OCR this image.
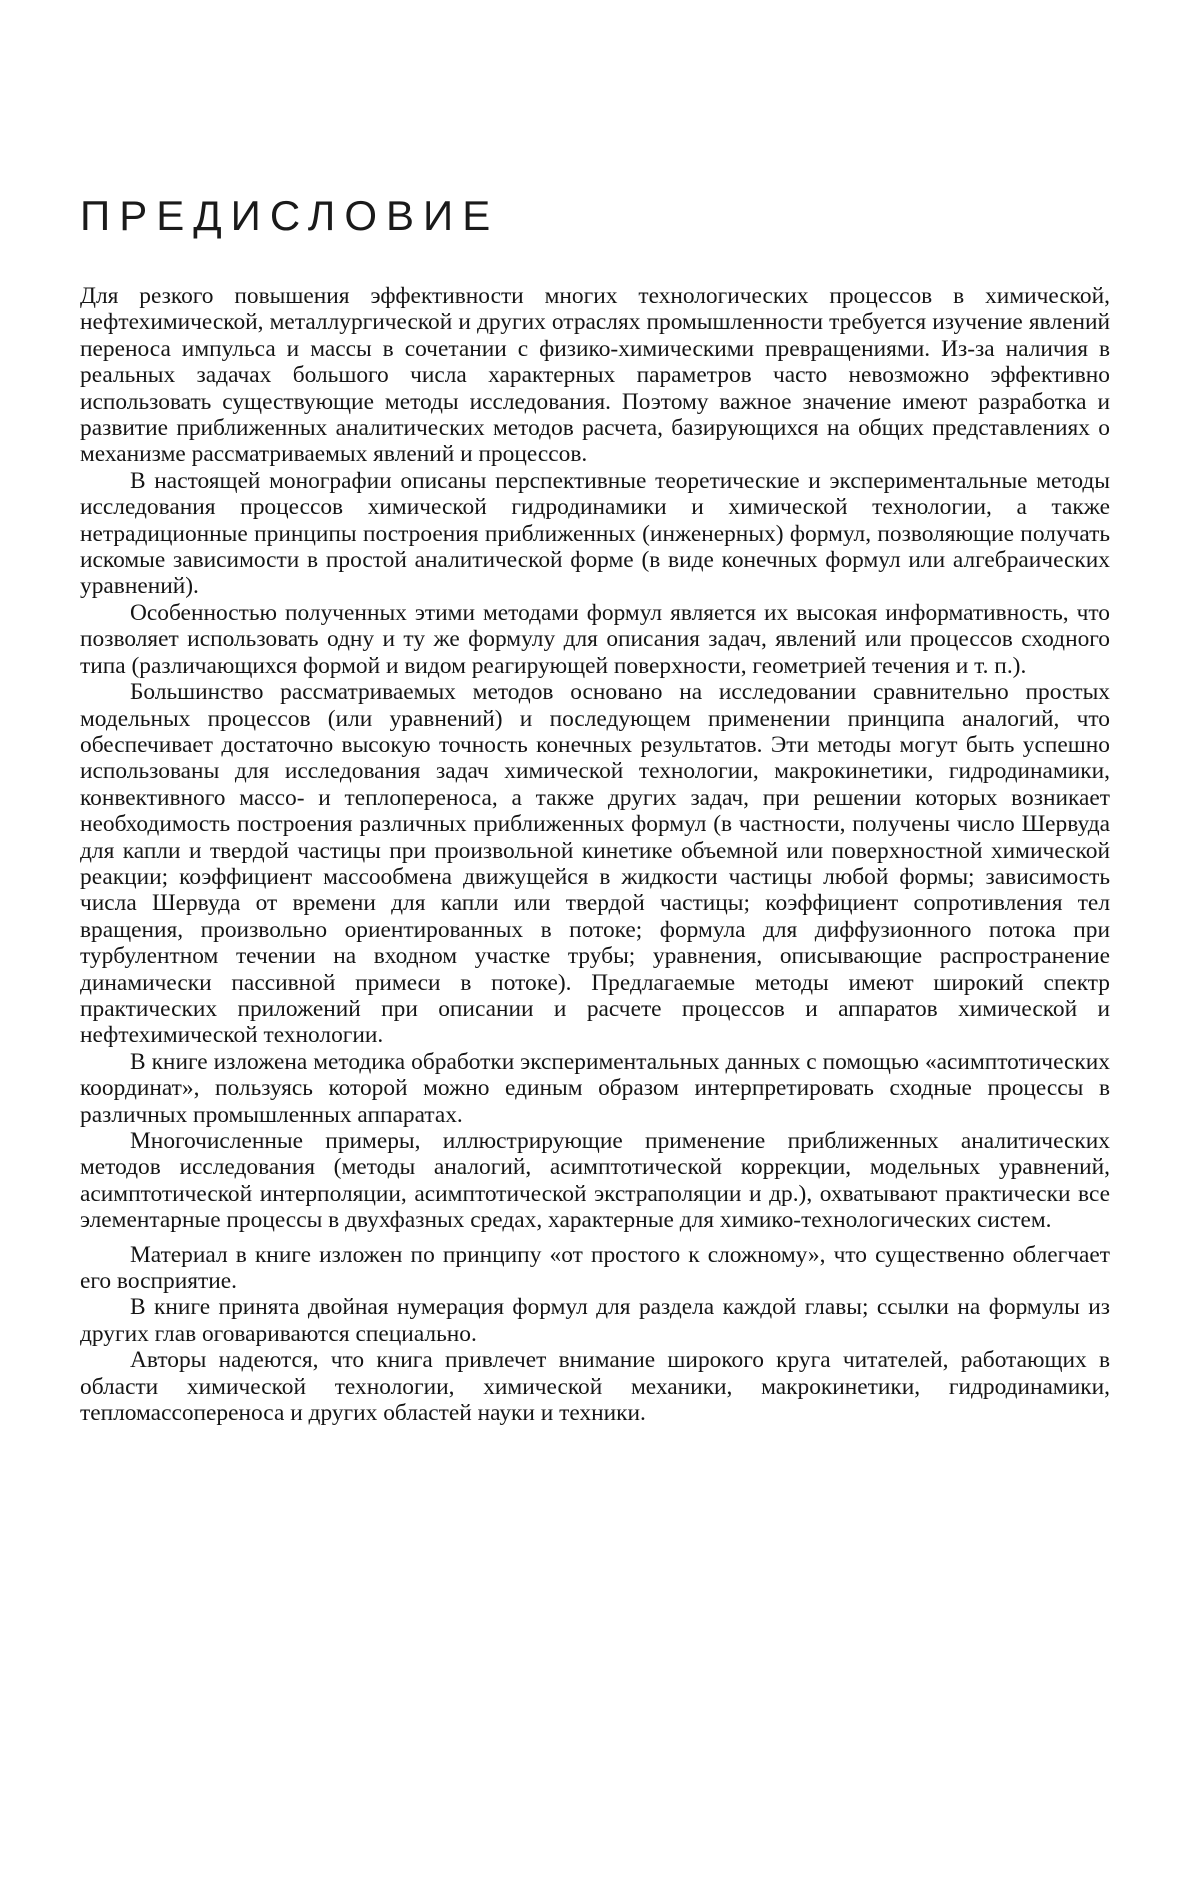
ПРЕДИСЛОВИЕ

Для резкого повышения эффективности многих технологических процессов в химической, нефтехимической, металлургической и других отраслях промышленности требуется изучение явлений переноса импульса и массы в сочетании с физико-химическими превращениями. Из-за наличия в реальных задачах большого числа характерных параметров часто невозможно эффективно использовать существующие методы исследования. Поэтому важное значение имеют разработка и развитие приближенных аналитических методов расчета, базирующихся на общих представлениях о механизме рассматриваемых явлений и процессов.

В настоящей монографии описаны перспективные теоретические и экспериментальные методы исследования процессов химической гидродинамики и химической технологии, а также нетрадиционные принципы построения приближенных (инженерных) формул, позволяющие получать искомые зависимости в простой аналитической форме (в виде конечных формул или алгебраических уравнений).

Особенностью полученных этими методами формул является их высокая информативность, что позволяет использовать одну и ту же формулу для описания задач, явлений или процессов сходного типа (различающихся формой и видом реагирующей поверхности, геометрией течения и т. п.).

Большинство рассматриваемых методов основано на исследовании сравнительно простых модельных процессов (или уравнений) и последующем применении принципа аналогий, что обеспечивает достаточно высокую точность конечных результатов. Эти методы могут быть успешно использованы для исследования задач химической технологии, макрокинетики, гидродинамики, конвективного массо- и теплопереноса, а также других задач, при решении которых возникает необходимость построения различных приближенных формул (в частности, получены число Шервуда для капли и твердой частицы при произвольной кинетике объемной или поверхностной химической реакции; коэффициент массообмена движущейся в жидкости частицы любой формы; зависимость числа Шервуда от времени для капли или твердой частицы; коэффициент сопротивления тел вращения, произвольно ориентированных в потоке; формула для диффузионного потока при турбулентном течении на входном участке трубы; уравнения, описывающие распространение динамически пассивной примеси в потоке). Предлагаемые методы имеют широкий спектр практических приложений при описании и расчете процессов и аппаратов химической и нефтехимической технологии.

В книге изложена методика обработки экспериментальных данных с помощью «асимптотических координат», пользуясь которой можно единым образом интерпретировать сходные процессы в различных промышленных аппаратах.

Многочисленные примеры, иллюстрирующие применение приближенных аналитических методов исследования (методы аналогий, асимптотической коррекции, модельных уравнений, асимптотической интерполяции, асимптотической экстраполяции и др.), охватывают практически все элементарные процессы в двухфазных средах, характерные для химико-технологических систем.

Материал в книге изложен по принципу «от простого к сложному», что существенно облегчает его восприятие.

В книге принята двойная нумерация формул для раздела каждой главы; ссылки на формулы из других глав оговариваются специально.

Авторы надеются, что книга привлечет внимание широкого круга читателей, работающих в области химической технологии, химической механики, макрокинетики, гидродинамики, тепломассопереноса и других областей науки и техники.
